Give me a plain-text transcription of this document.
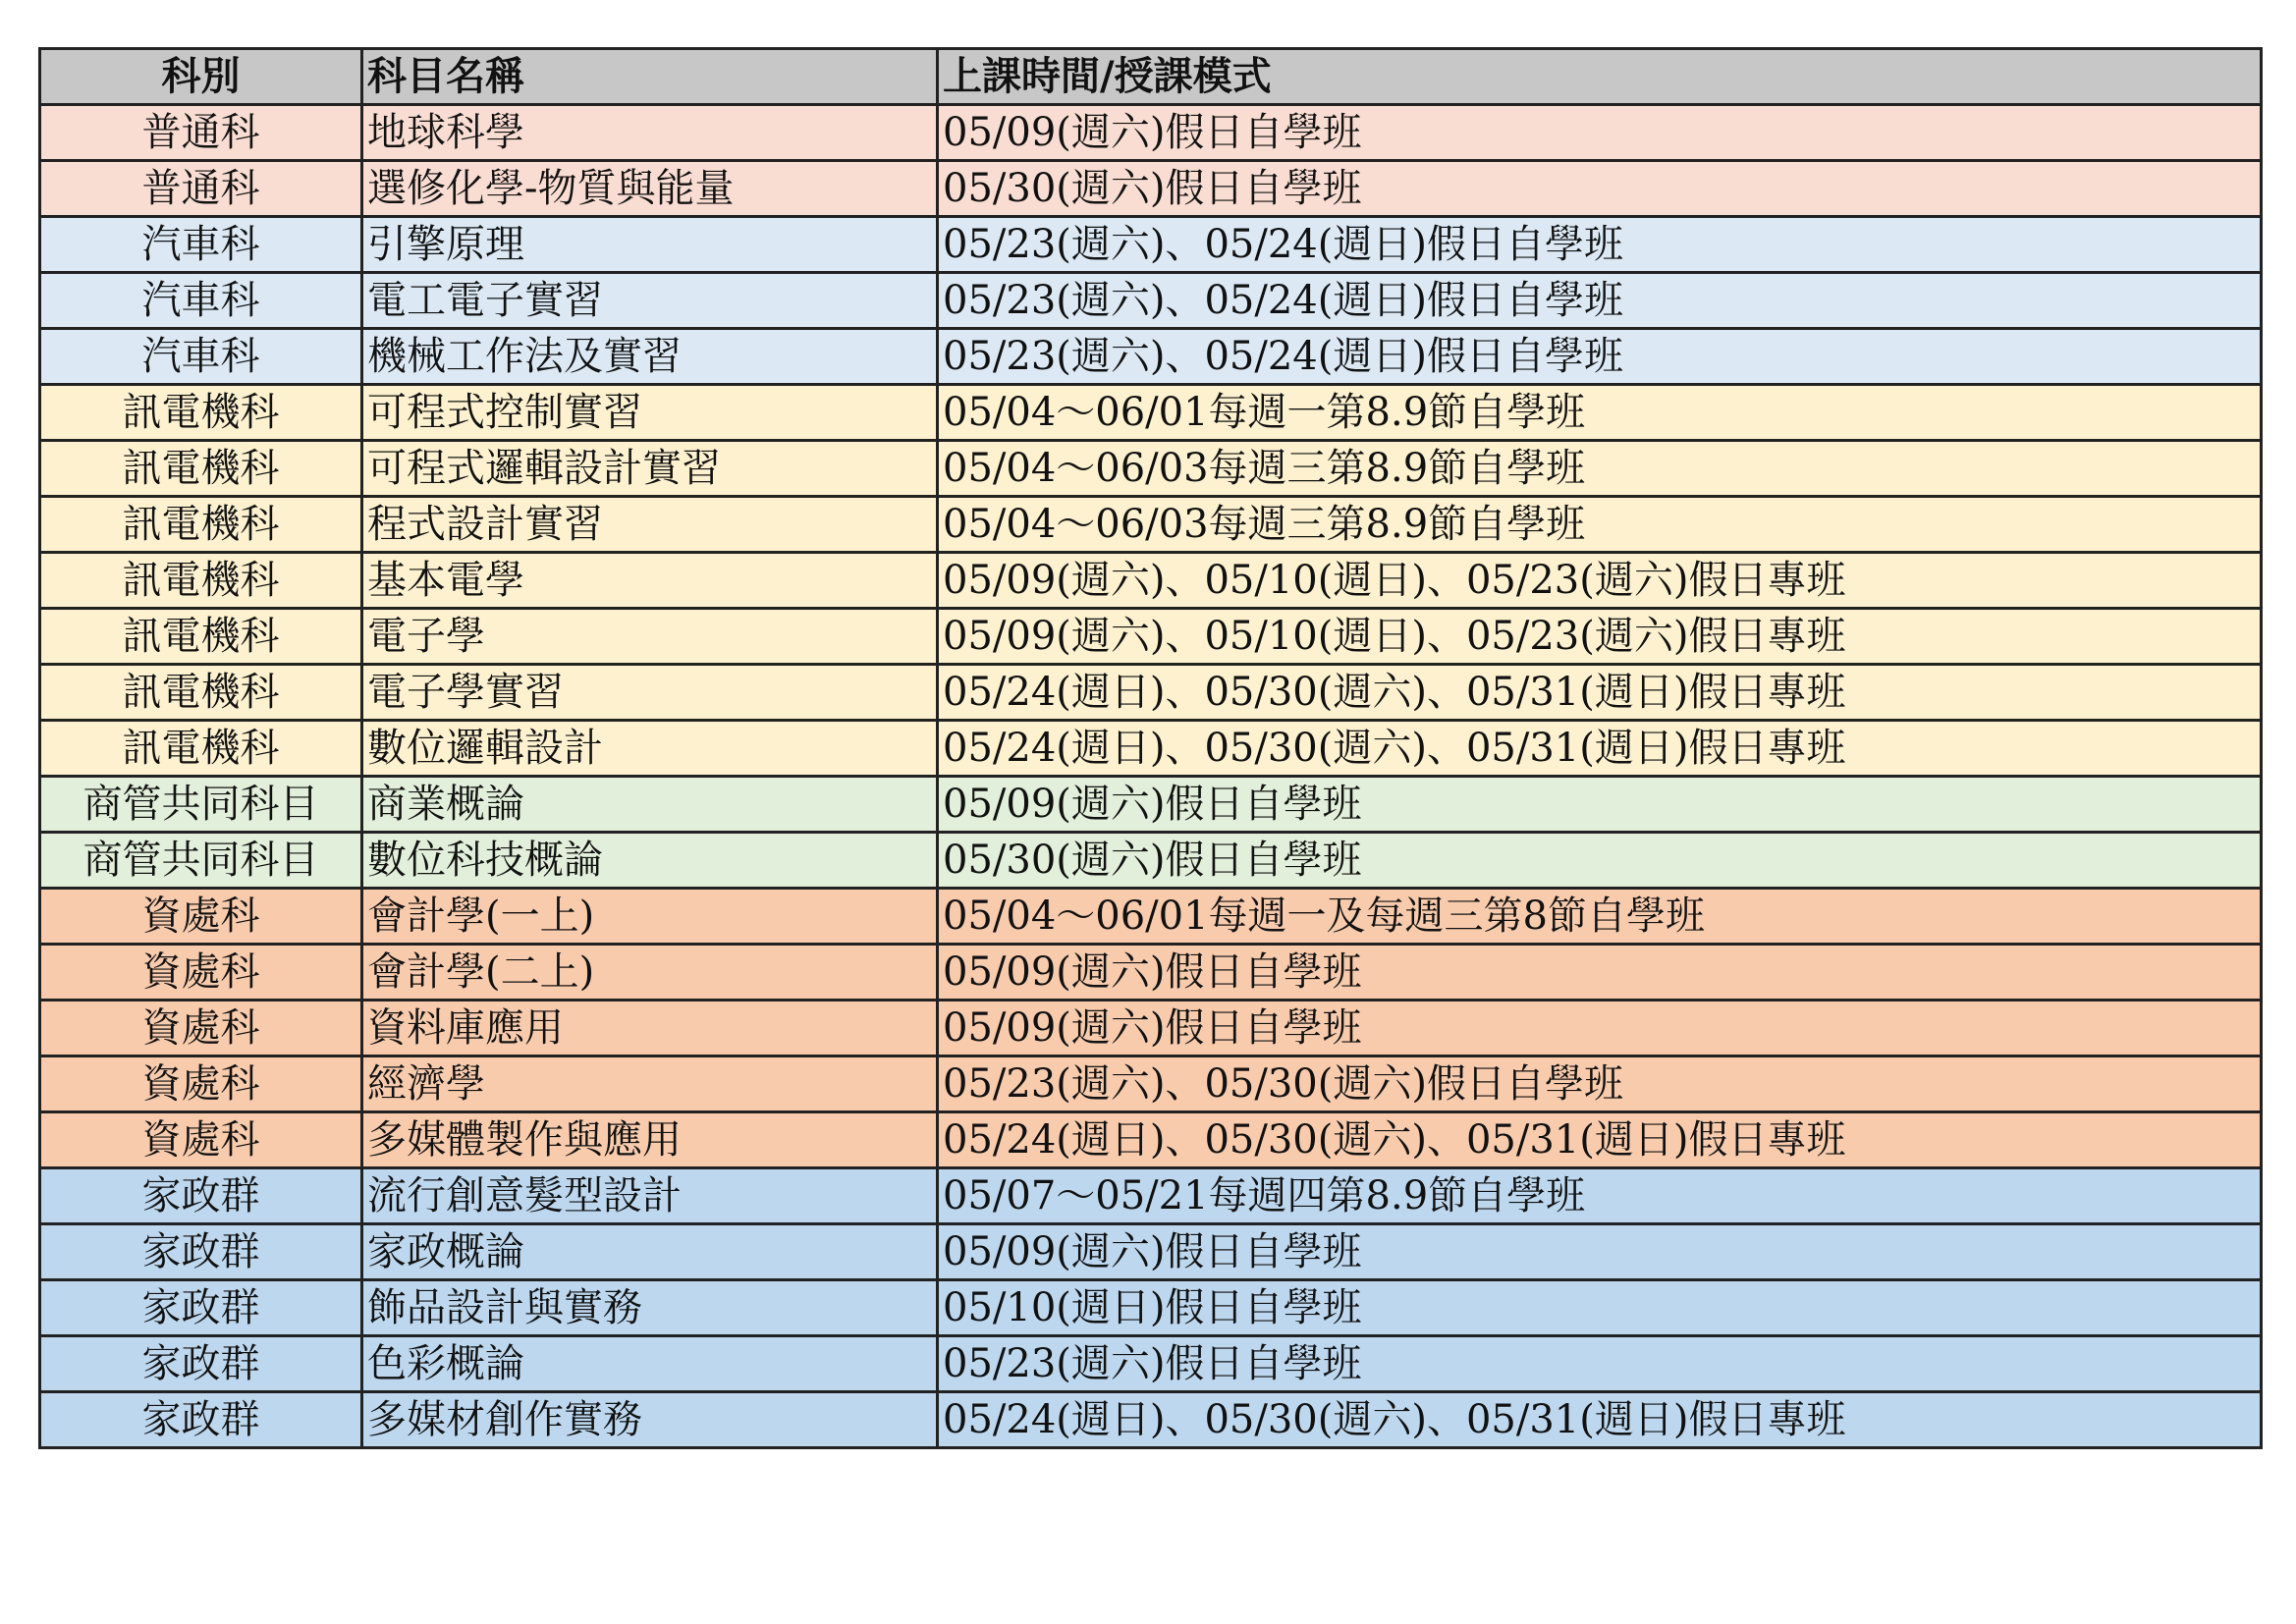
科別	科目名稱	上課時間/授課模式
普通科	地球科學	05/09(週六)假日自學班
普通科	選修化學-物質與能量	05/30(週六)假日自學班
汽車科	引擎原理	05/23(週六)、05/24(週日)假日自學班
汽車科	電工電子實習	05/23(週六)、05/24(週日)假日自學班
汽車科	機械工作法及實習	05/23(週六)、05/24(週日)假日自學班
訊電機科	可程式控制實習	05/04～06/01每週一第8.9節自學班
訊電機科	可程式邏輯設計實習	05/04～06/03每週三第8.9節自學班
訊電機科	程式設計實習	05/04～06/03每週三第8.9節自學班
訊電機科	基本電學	05/09(週六)、05/10(週日)、05/23(週六)假日專班
訊電機科	電子學	05/09(週六)、05/10(週日)、05/23(週六)假日專班
訊電機科	電子學實習	05/24(週日)、05/30(週六)、05/31(週日)假日專班
訊電機科	數位邏輯設計	05/24(週日)、05/30(週六)、05/31(週日)假日專班
商管共同科目	商業概論	05/09(週六)假日自學班
商管共同科目	數位科技概論	05/30(週六)假日自學班
資處科	會計學(一上)	05/04～06/01每週一及每週三第8節自學班
資處科	會計學(二上)	05/09(週六)假日自學班
資處科	資料庫應用	05/09(週六)假日自學班
資處科	經濟學	05/23(週六)、05/30(週六)假日自學班
資處科	多媒體製作與應用	05/24(週日)、05/30(週六)、05/31(週日)假日專班
家政群	流行創意髮型設計	05/07～05/21每週四第8.9節自學班
家政群	家政概論	05/09(週六)假日自學班
家政群	飾品設計與實務	05/10(週日)假日自學班
家政群	色彩概論	05/23(週六)假日自學班
家政群	多媒材創作實務	05/24(週日)、05/30(週六)、05/31(週日)假日專班
